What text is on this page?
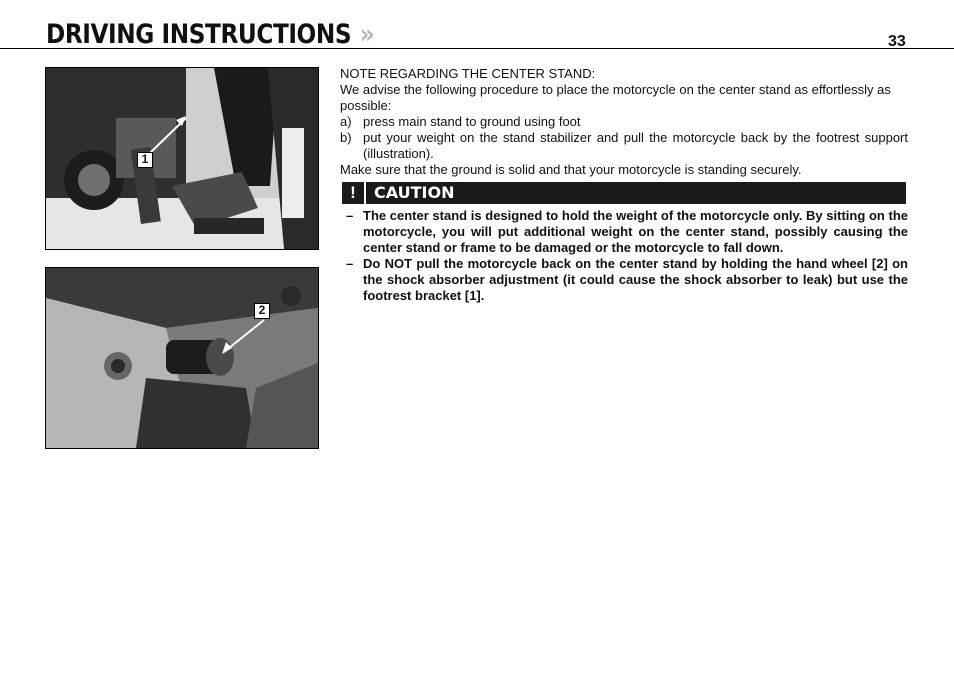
DRIVING INSTRUCTIONS »	33
1
2

NOTE REGARDING THE CENTER STAND:

We advise the following procedure to place the motorcycle on the center stand as effortlessly as possible:

a) press main stand to ground using foot
b) put your weight on the stand stabilizer and pull the motorcycle back by the footrest support (illustration).

Make sure that the ground is solid and that your motorcycle is standing securely.

!	CAUTION
– The center stand is designed to hold the weight of the motorcycle only. By sitting on the motorcycle, you will put additional weight on the center stand, possibly causing the center stand or frame to be damaged or the motorcycle to fall down.
– Do NOT pull the motorcycle back on the center stand by holding the hand wheel [2] on the shock absorber adjustment (it could cause the shock absorber to leak) but use the footrest bracket [1].
